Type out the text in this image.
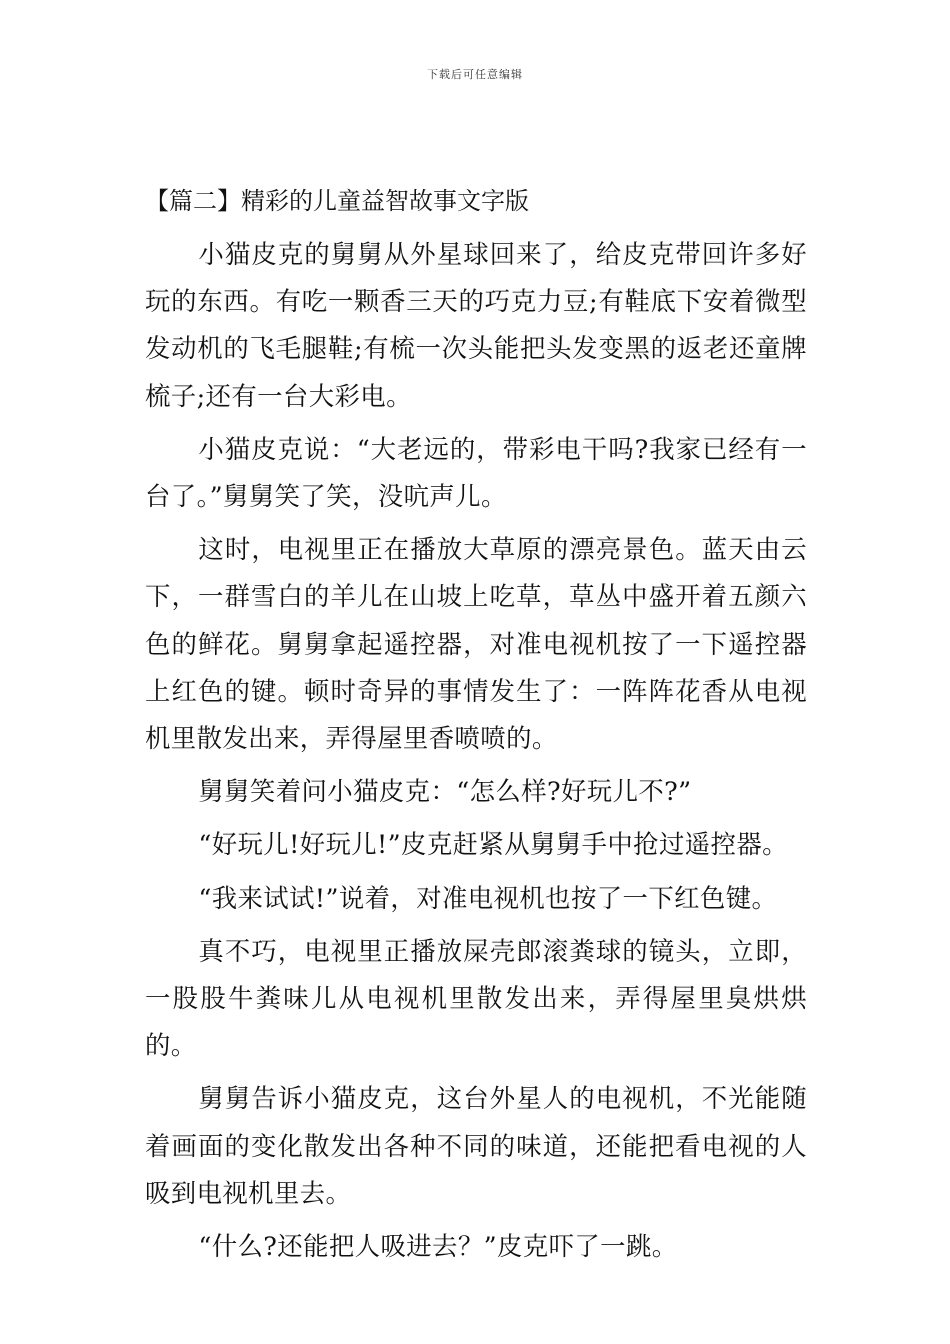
下载后可任意编辑
【篇二】精彩的儿童益智故事文字版

小猫皮克的舅舅从外星球回来了，给皮克带回许多好玩的东西。有吃一颗香三天的巧克力豆;有鞋底下安着微型发动机的飞毛腿鞋;有梳一次头能把头发变黑的返老还童牌梳子;还有一台大彩电。

小猫皮克说：“大老远的，带彩电干吗?我家已经有一台了。”舅舅笑了笑，没吭声儿。

这时，电视里正在播放大草原的漂亮景色。蓝天由云下，一群雪白的羊儿在山坡上吃草，草丛中盛开着五颜六色的鲜花。舅舅拿起遥控器，对准电视机按了一下遥控器上红色的键。顿时奇异的事情发生了：一阵阵花香从电视机里散发出来，弄得屋里香喷喷的。

舅舅笑着问小猫皮克：“怎么样?好玩儿不?”

“好玩儿!好玩儿!”皮克赶紧从舅舅手中抢过遥控器。

“我来试试!”说着，对准电视机也按了一下红色键。

真不巧，电视里正播放屎壳郎滚粪球的镜头，立即，一股股牛粪味儿从电视机里散发出来，弄得屋里臭烘烘的。

舅舅告诉小猫皮克，这台外星人的电视机，不光能随着画面的变化散发出各种不同的味道，还能把看电视的人吸到电视机里去。

“什么?还能把人吸进去？”皮克吓了一跳。
